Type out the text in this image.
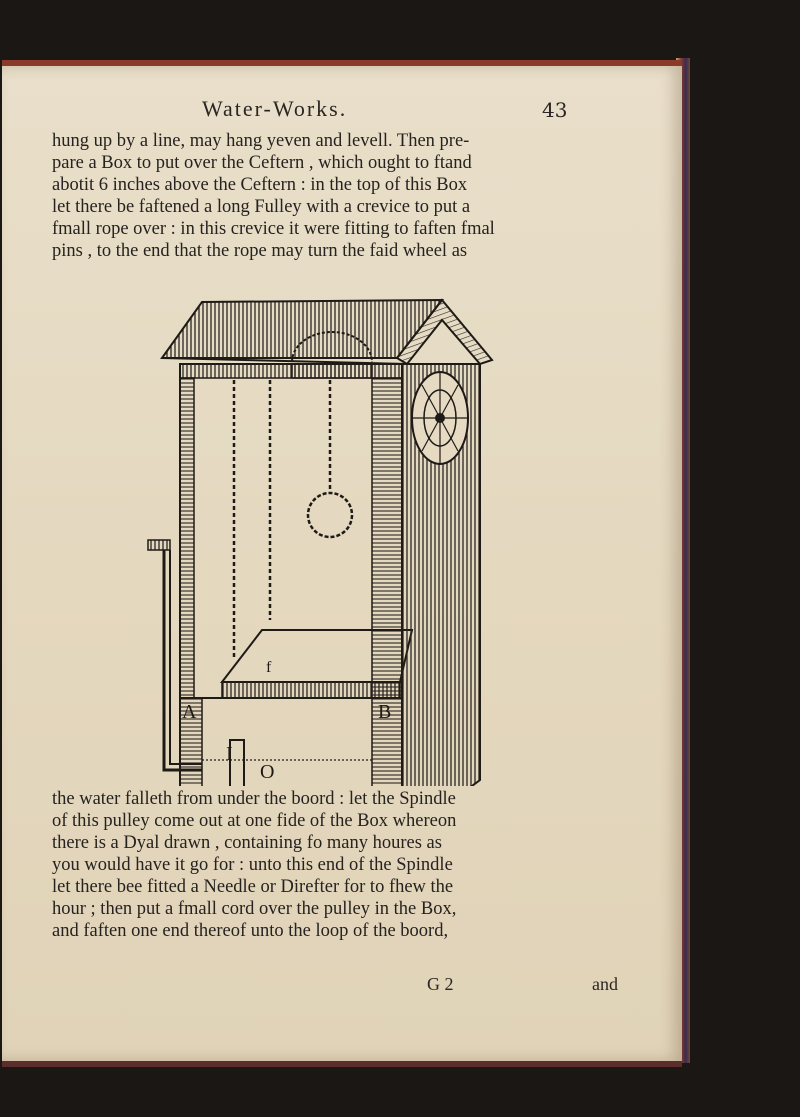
Water-Works.	43
hung up by a line, may hang yeven and levell. Then pre-
pare a Box to put over the Ceftern , which ought to ftand
abotit 6 inches above the Ceftern : in the top of this Box
let there be faftened a long Fulley with a crevice to put a
fmall rope over : in this crevice it were fitting to faften fmal
pins , to the end that the rope may turn the faid wheel as
A	B
I
O
f
the water falleth from under the boord : let the Spindle
of this pulley come out at one fide of the Box whereon
there is a Dyal drawn , containing fo many houres as
you would have it go for : unto this end of the Spindle
let there bee fitted a Needle or Direfter for to fhew the
hour ; then put a fmall cord over the pulley in the Box,
and faften one end thereof unto the loop of the boord,
G 2	and
